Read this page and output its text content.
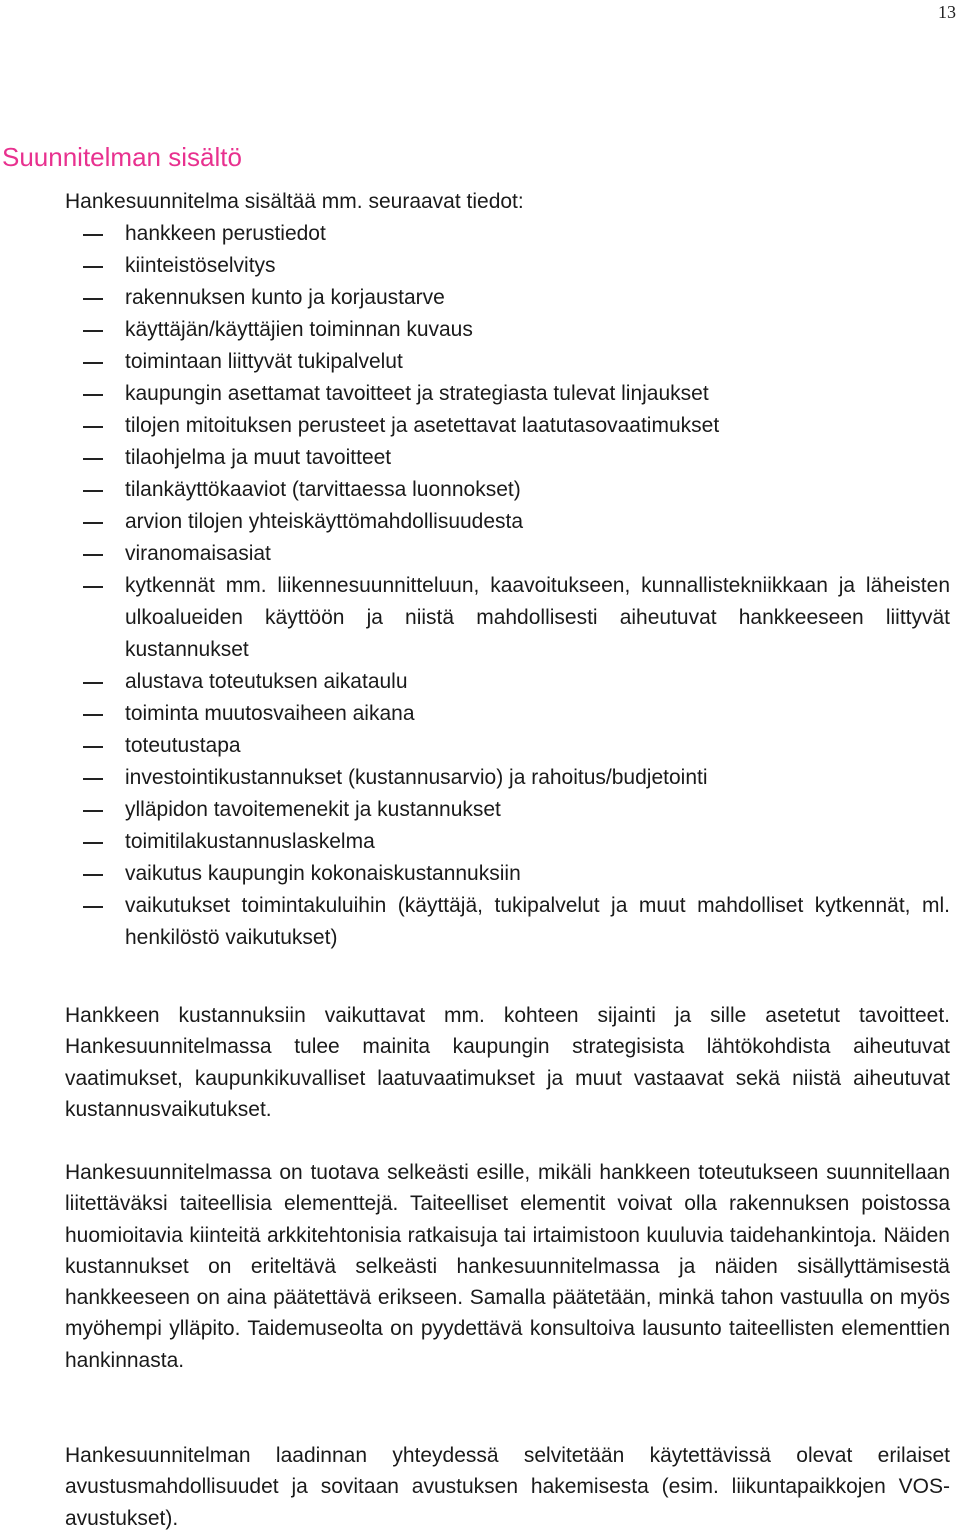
13
Suunnitelman sisältö

Hankesuunnitelma sisältää mm. seuraavat tiedot:

hankkeen perustiedot
kiinteistöselvitys
rakennuksen kunto ja korjaustarve
käyttäjän/käyttäjien toiminnan kuvaus
toimintaan liittyvät tukipalvelut
kaupungin asettamat tavoitteet ja strategiasta tulevat linjaukset
tilojen mitoituksen perusteet ja asetettavat laatutasovaatimukset
tilaohjelma ja muut tavoitteet
tilankäyttökaaviot (tarvittaessa luonnokset)
arvion tilojen yhteiskäyttömahdollisuudesta
viranomaisasiat
kytkennät mm. liikennesuunnitteluun, kaavoitukseen, kunnallistekniikkaan ja läheisten ulkoalueiden käyttöön ja niistä mahdollisesti aiheutuvat hankkeeseen liittyvät kustannukset
alustava toteutuksen aikataulu
toiminta muutosvaiheen aikana
toteutustapa
investointikustannukset (kustannusarvio) ja rahoitus/budjetointi
ylläpidon tavoitemenekit ja kustannukset
toimitilakustannuslaskelma
vaikutus kaupungin kokonaiskustannuksiin
vaikutukset toimintakuluihin (käyttäjä, tukipalvelut ja muut mahdolliset kytkennät, ml. henkilöstö vaikutukset)

Hankkeen kustannuksiin vaikuttavat mm. kohteen sijainti ja sille asetetut tavoitteet. Hankesuunnitelmassa tulee mainita kaupungin strategisista lähtökohdista aiheutuvat vaatimukset, kaupunkikuvalliset laatuvaatimukset ja muut vastaavat sekä niistä aiheutuvat kustannusvaikutukset.

Hankesuunnitelmassa on tuotava selkeästi esille, mikäli hankkeen toteutukseen suunnitellaan liitettäväksi taiteellisia elementtejä. Taiteelliset elementit voivat olla rakennuksen poistossa huomioitavia kiinteitä arkkitehtonisia ratkaisuja tai irtaimistoon kuuluvia taidehankintoja. Näiden kustannukset on eriteltävä selkeästi hankesuunnitelmassa ja näiden sisällyttämisestä hankkeeseen on aina päätettävä erikseen. Samalla päätetään, minkä tahon vastuulla on myös myöhempi ylläpito. Taidemuseolta on pyydettävä konsultoiva lausunto taiteellisten elementtien hankinnasta.

Hankesuunnitelman laadinnan yhteydessä selvitetään käytettävissä olevat erilaiset avustusmahdollisuudet ja sovitaan avustuksen hakemisesta (esim. liikuntapaikkojen VOS-avustukset).
